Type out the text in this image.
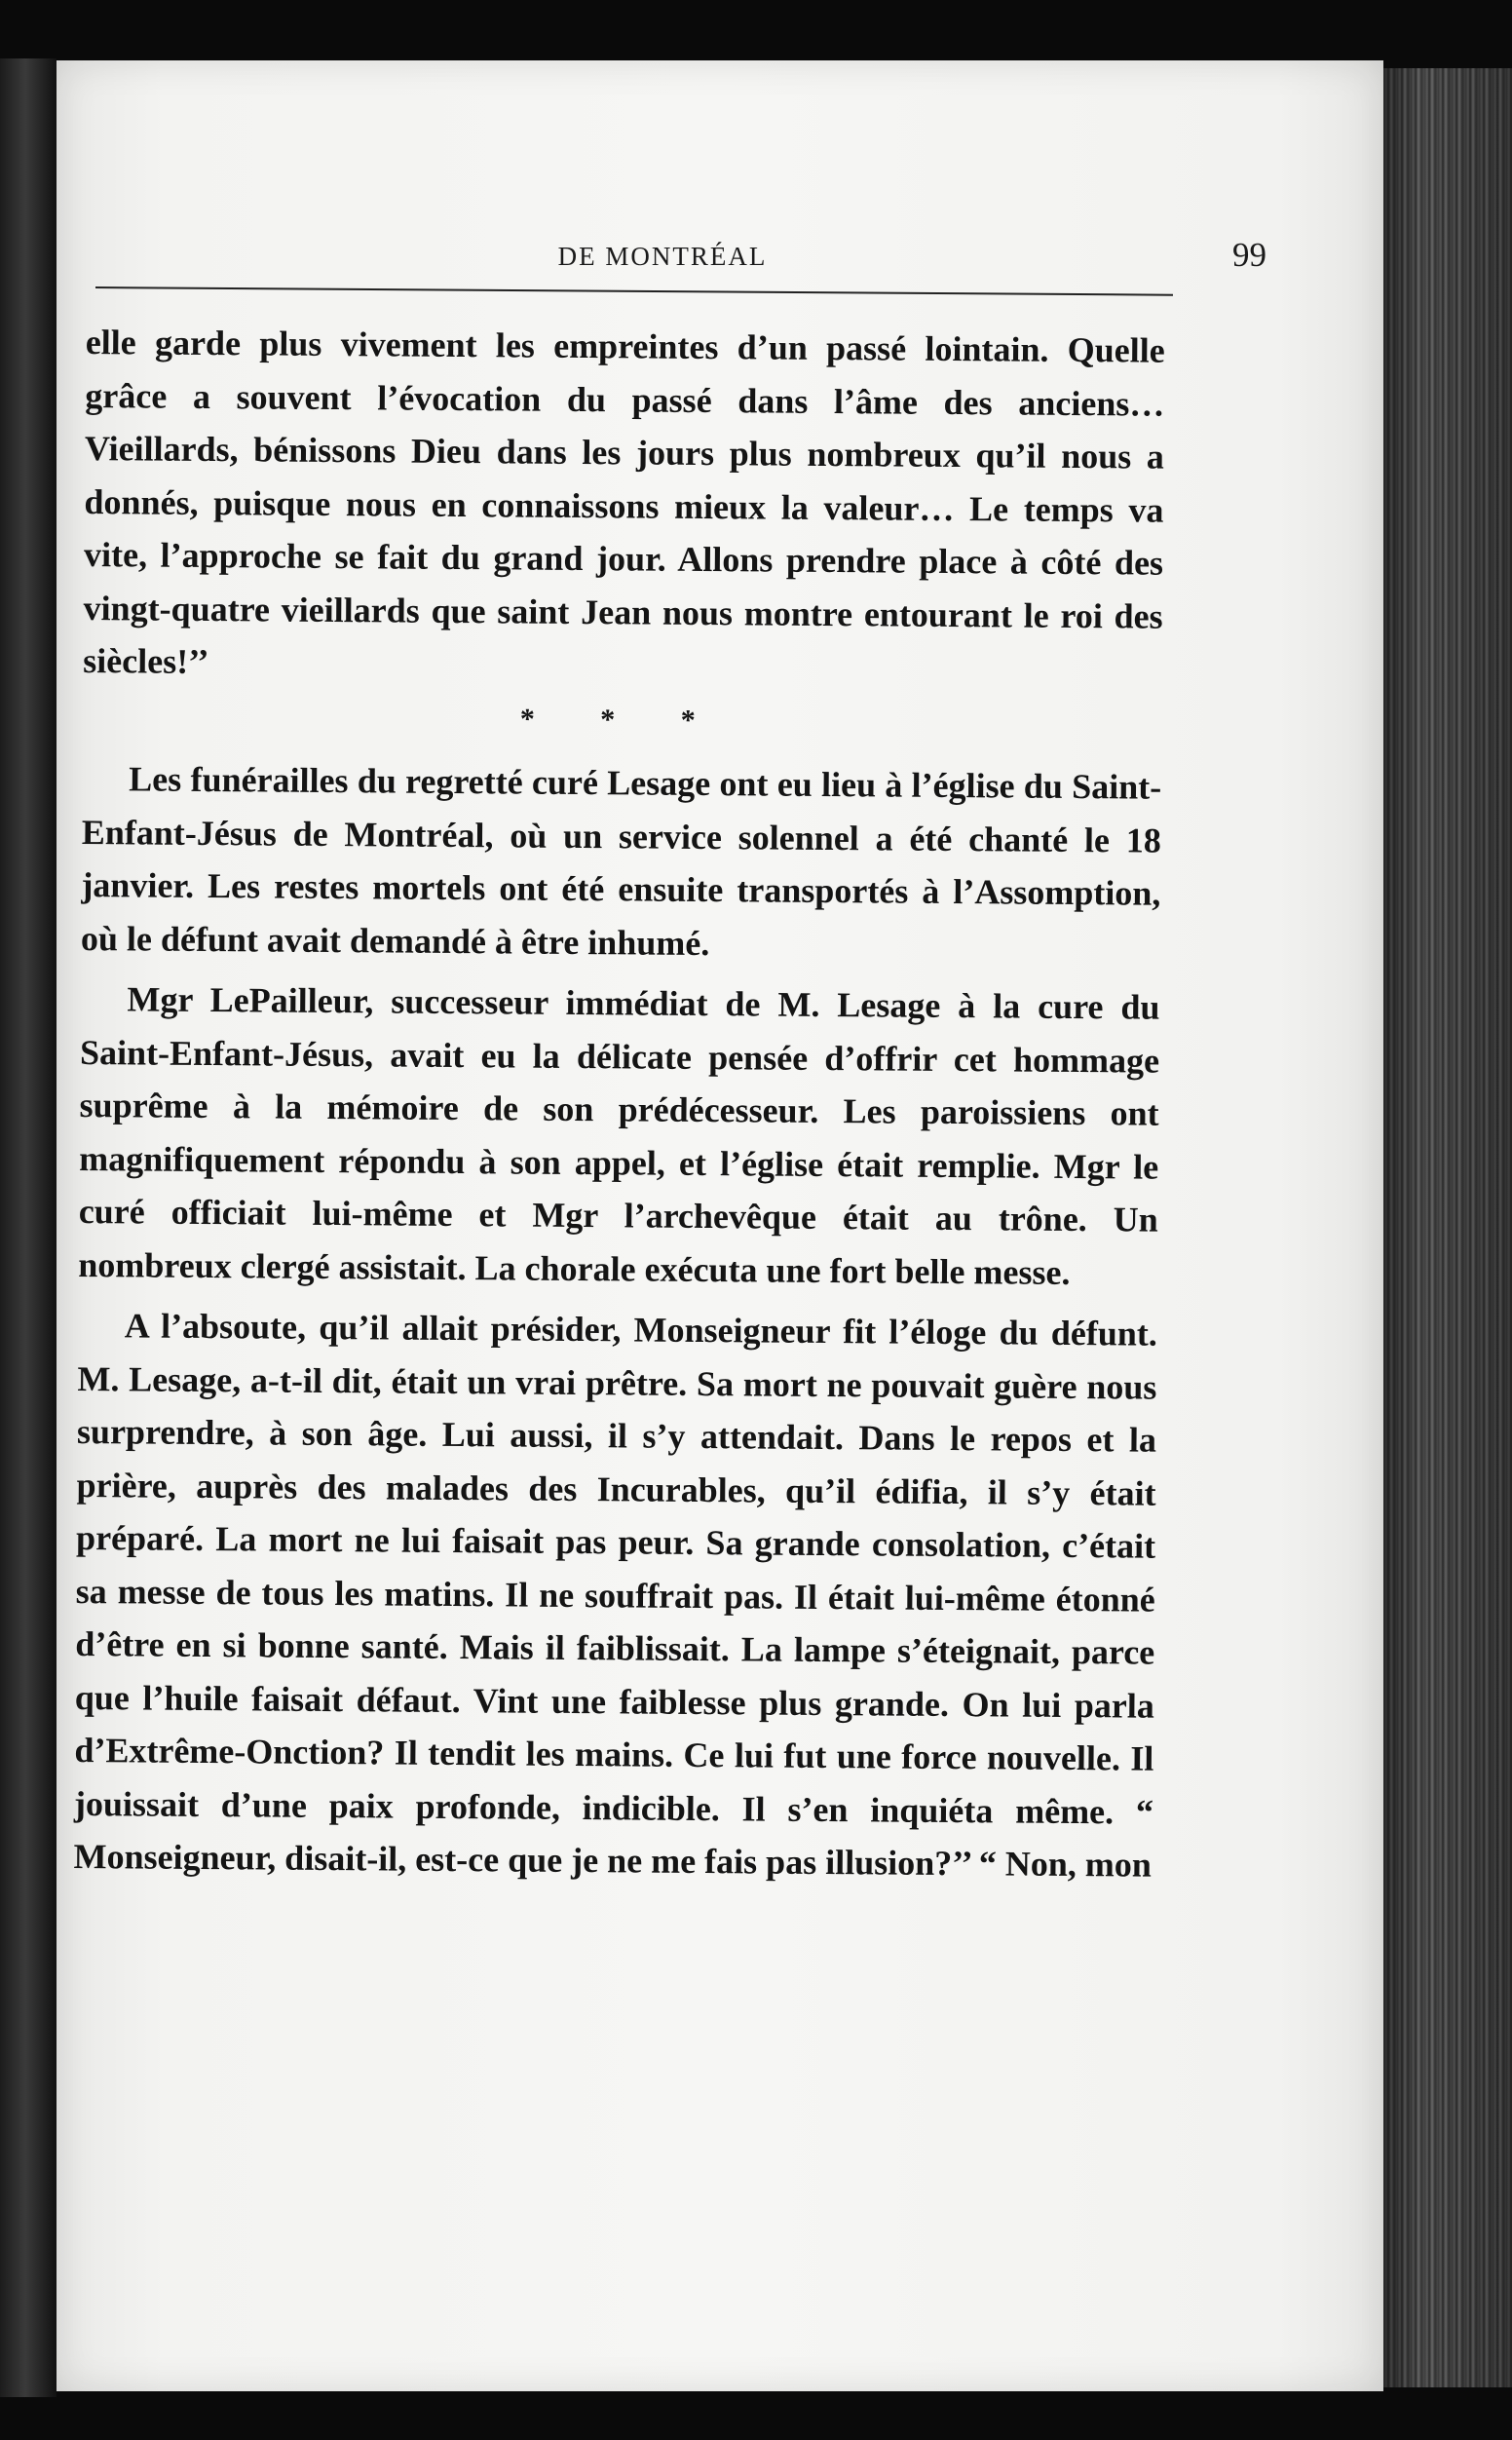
DE MONTRÉAL	99

elle garde plus vivement les empreintes d’un passé lointain. Quelle grâce a souvent l’évocation du passé dans l’âme des anciens… Vieillards, bénissons Dieu dans les jours plus nombreux qu’il nous a donnés, puisque nous en connaissons mieux la valeur… Le temps va vite, l’approche se fait du grand jour. Allons prendre place à côté des vingt-quatre vieillards que saint Jean nous montre entourant le roi des siècles!’’

* * *

Les funérailles du regretté curé Lesage ont eu lieu à l’église du Saint-Enfant-Jésus de Montréal, où un service solennel a été chanté le 18 janvier. Les restes mortels ont été ensuite transportés à l’Assomption, où le défunt avait demandé à être inhumé.

Mgr LePailleur, successeur immédiat de M. Lesage à la cure du Saint-Enfant-Jésus, avait eu la délicate pensée d’offrir cet hommage suprême à la mémoire de son prédécesseur. Les paroissiens ont magnifiquement répondu à son appel, et l’église était remplie. Mgr le curé officiait lui-même et Mgr l’archevêque était au trône. Un nombreux clergé assistait. La chorale exécuta une fort belle messe.

A l’absoute, qu’il allait présider, Monseigneur fit l’éloge du défunt. M. Lesage, a-t-il dit, était un vrai prêtre. Sa mort ne pouvait guère nous surprendre, à son âge. Lui aussi, il s’y attendait. Dans le repos et la prière, auprès des malades des Incurables, qu’il édifia, il s’y était préparé. La mort ne lui faisait pas peur. Sa grande consolation, c’était sa messe de tous les matins. Il ne souffrait pas. Il était lui-même étonné d’être en si bonne santé. Mais il faiblissait. La lampe s’éteignait, parce que l’huile faisait défaut. Vint une faiblesse plus grande. On lui parla d’Extrême-Onction? Il tendit les mains. Ce lui fut une force nouvelle. Il jouissait d’une paix profonde, indicible. Il s’en inquiéta même. “ Monseigneur, disait-il, est-ce que je ne me fais pas illusion?’’ “ Non, mon
